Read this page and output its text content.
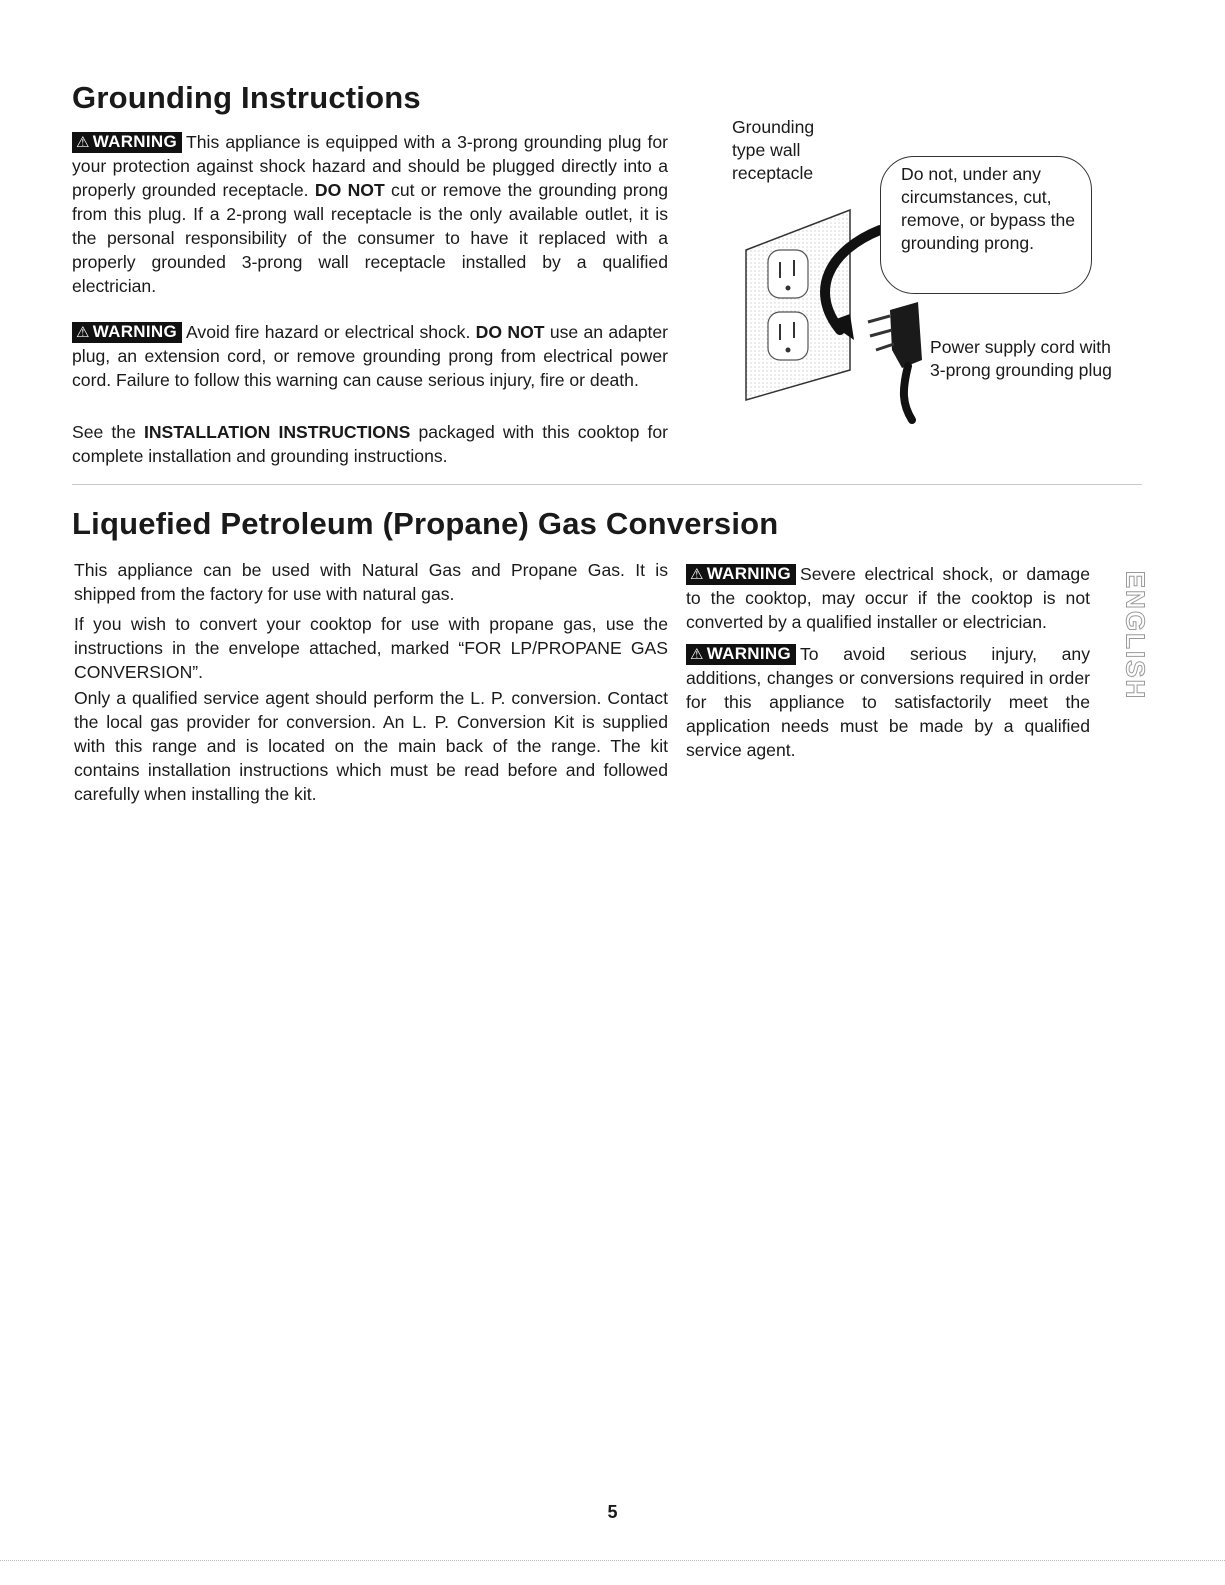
Grounding Instructions

⚠ WARNING This appliance is equipped with a 3-prong grounding plug for your protection against shock hazard and should be plugged directly into a properly grounded receptacle. DO NOT cut or remove the grounding prong from this plug. If a 2-prong wall receptacle is the only available outlet, it is the personal responsibility of the consumer to have it replaced with a properly grounded 3-prong wall receptacle installed by a qualified electrician.

⚠ WARNING Avoid fire hazard or electrical shock. DO NOT use an adapter plug, an extension cord, or remove grounding prong from electrical power cord. Failure to follow this warning can cause serious injury, fire or death.

See the INSTALLATION INSTRUCTIONS packaged with this cooktop for complete installation and grounding instructions.

Grounding
type wall
receptacle	Do not, under any circumstances, cut, remove, or bypass the grounding prong.
Power supply cord with
3-prong grounding plug
Liquefied Petroleum (Propane) Gas Conversion

This appliance can be used with Natural Gas and Propane Gas. It is shipped from the factory for use with natural gas.

If you wish to convert your cooktop for use with propane gas, use the instructions in the envelope attached, marked “FOR LP/PROPANE GAS CONVERSION”.

Only a qualified service agent should perform the L. P. conversion. Contact the local gas provider for conversion. An L. P. Conversion Kit is supplied with this range and is located on the main back of the range. The kit contains installation instructions which must be read before and followed carefully when installing the kit.

⚠ WARNING Severe electrical shock, or damage to the cooktop, may occur if the cooktop is not converted by a qualified installer or electrician.

⚠ WARNING To avoid serious injury, any additions, changes or conversions required in order for this appliance to satisfactorily meet the application needs must be made by a qualified service agent.

ENGLISH
5
